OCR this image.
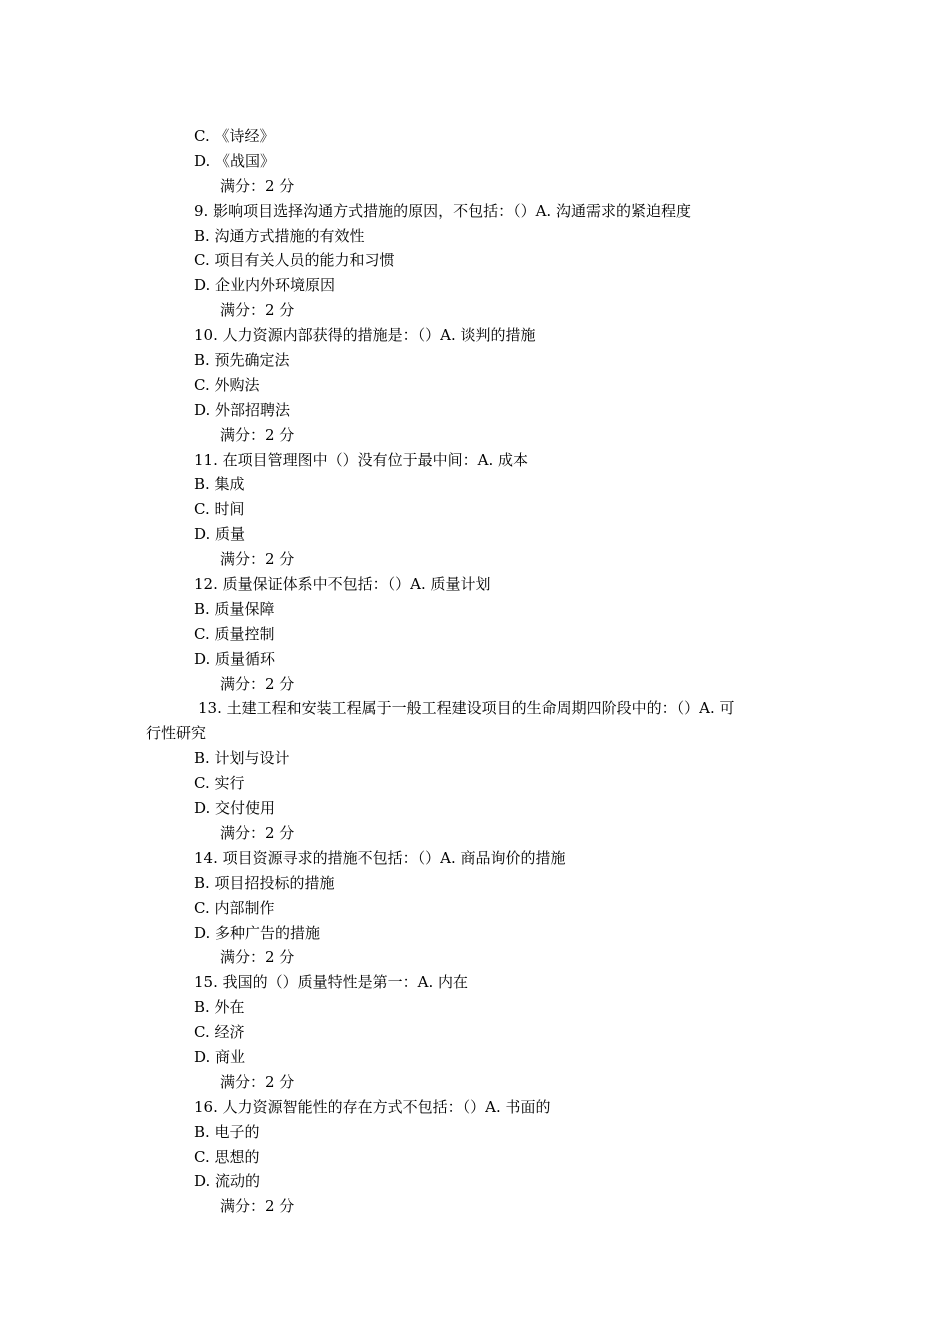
C. 《诗经》
D. 《战国》
满分：2 分
9. 影响项目选择沟通方式措施的原因，不包括：（）A. 沟通需求的紧迫程度
B. 沟通方式措施的有效性
C. 项目有关人员的能力和习惯
D. 企业内外环境原因
满分：2 分
10. 人力资源内部获得的措施是：（）A. 谈判的措施
B. 预先确定法
C. 外购法
D. 外部招聘法
满分：2 分
11. 在项目管理图中（）没有位于最中间：A. 成本
B. 集成
C. 时间
D. 质量
满分：2 分
12. 质量保证体系中不包括：（）A. 质量计划
B. 质量保障
C. 质量控制
D. 质量循环
满分：2 分
13. 土建工程和安装工程属于一般工程建设项目的生命周期四阶段中的：（）A. 可
行性研究
B. 计划与设计
C. 实行
D. 交付使用
满分：2 分
14. 项目资源寻求的措施不包括：（）A. 商品询价的措施
B. 项目招投标的措施
C. 内部制作
D. 多种广告的措施
满分：2 分
15. 我国的（）质量特性是第一：A. 内在
B. 外在
C. 经济
D. 商业
满分：2 分
16. 人力资源智能性的存在方式不包括：（）A. 书面的
B. 电子的
C. 思想的
D. 流动的
满分：2 分
